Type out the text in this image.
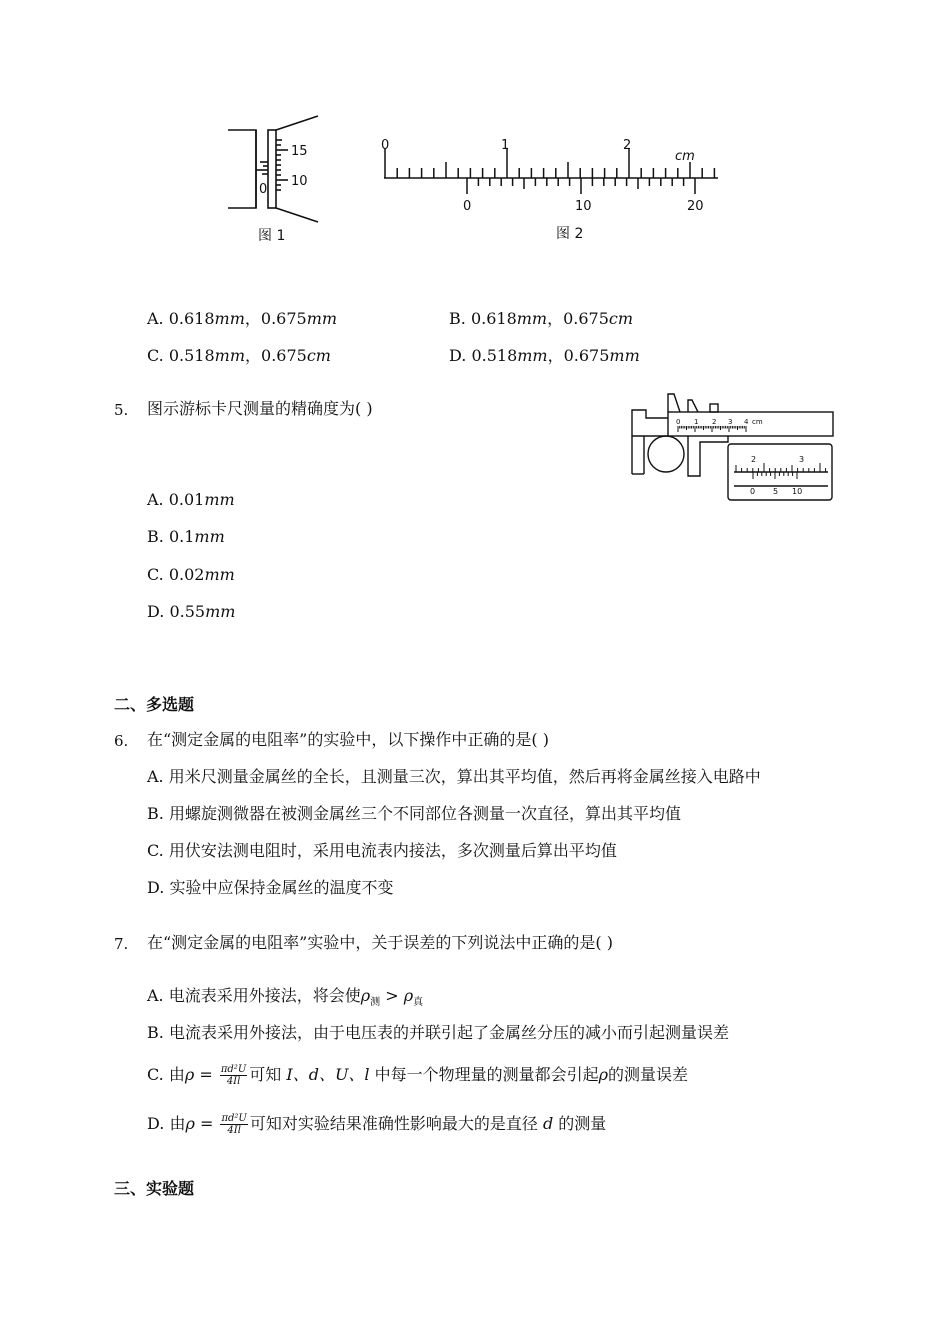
15
10
0
图 1
0	1	2
cm
0	10	20
图 2
A. 0.618mm，0.675mm	B. 0.618mm，0.675cm
C. 0.518mm，0.675cm	D. 0.518mm，0.675mm
5. 图示游标卡尺测量的精确度为( )
0 1 2 3 4 cm
2	3
0 5 10
A. 0.01mm
B. 0.1mm
C. 0.02mm
D. 0.55mm
二、多选题
6. 在“测定金属的电阻率”的实验中，以下操作中正确的是( )
A. 用米尺测量金属丝的全长，且测量三次，算出其平均值，然后再将金属丝接入电路中
B. 用螺旋测微器在被测金属丝三个不同部位各测量一次直径，算出其平均值
C. 用伏安法测电阻时，采用电流表内接法，多次测量后算出平均值
D. 实验中应保持金属丝的温度不变
7. 在“测定金属的电阻率”实验中，关于误差的下列说法中正确的是( )
A. 电流表采用外接法，将会使$\rho_测 > \rho_真$
B. 电流表采用外接法，由于电压表的并联引起了金属丝分压的减小而引起测量误差
C. 由$\rho = \frac{\text{πd²U}}{4Il}$ 可知 I、d、U、l 中每一个物理量的测量都会引起ρ的测量误差
D. 由$\rho = \frac{\text{πd²U}}{4Il}$ 可知对实验结果准确性影响最大的是直径 d 的测量
三、实验题
